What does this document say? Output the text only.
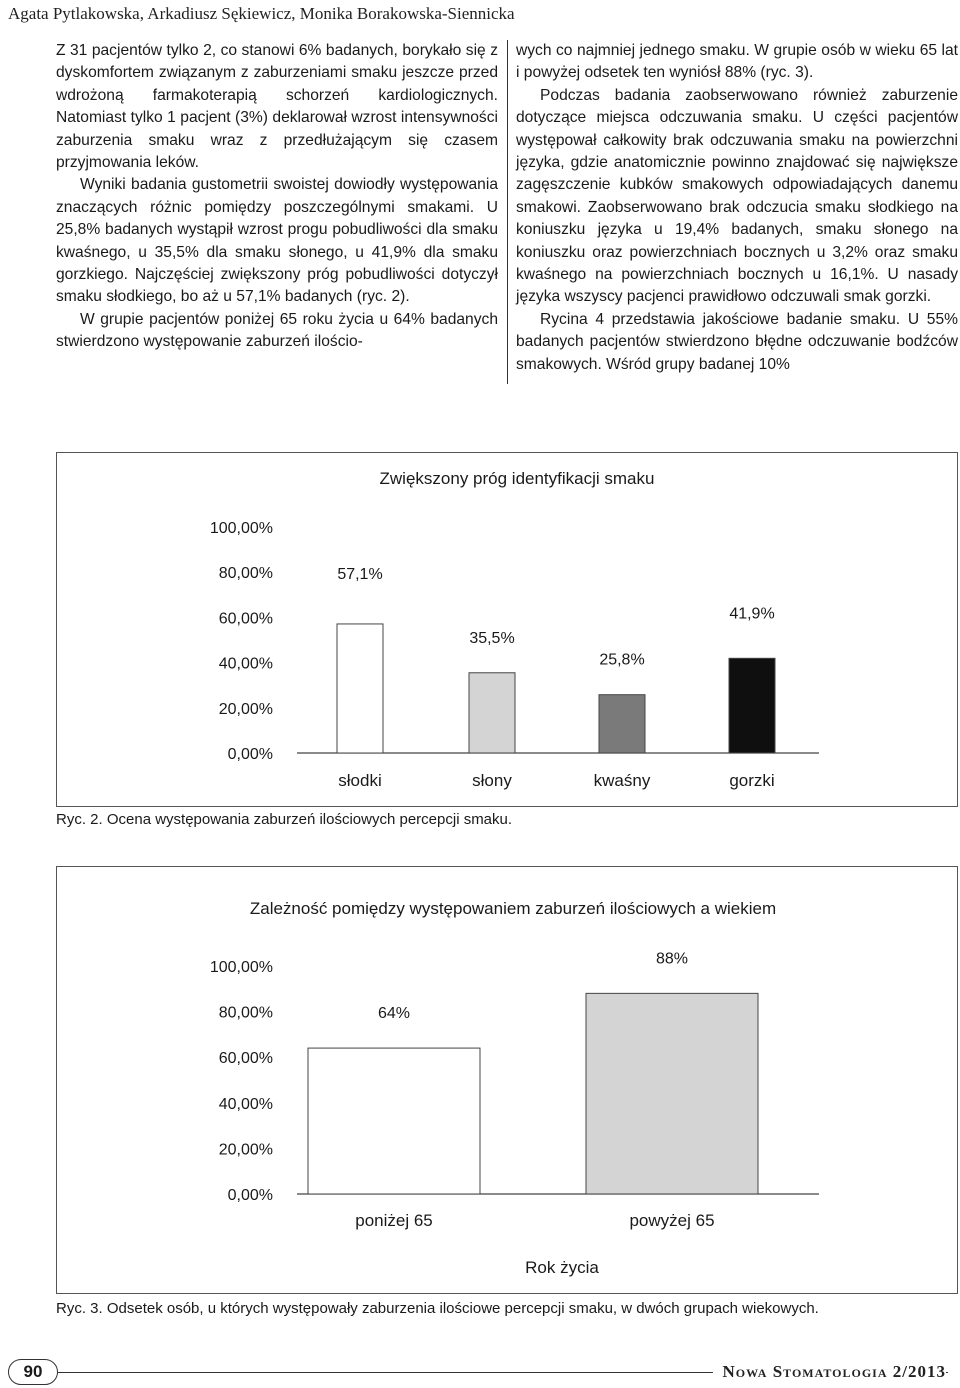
Agata Pytlakowska, Arkadiusz Sękiewicz, Monika Borakowska-Siennicka

Z 31 pacjentów tylko 2, co stanowi 6% badanych, borykało się z dyskomfortem związanym z zaburzeniami smaku jeszcze przed wdrożoną farmakoterapią schorzeń kardiologicznych. Natomiast tylko 1 pacjent (3%) deklarował wzrost intensywności zaburzenia smaku wraz z przedłużającym się czasem przyjmowania leków.

Wyniki badania gustometrii swoistej dowiodły występowania znaczących różnic pomiędzy poszczególnymi smakami. U 25,8% badanych wystąpił wzrost progu pobudliwości dla smaku kwaśnego, u 35,5% dla smaku słonego, u 41,9% dla smaku gorzkiego. Najczęściej zwiększony próg pobudliwości dotyczył smaku słodkiego, bo aż u 57,1% badanych (ryc. 2).

W grupie pacjentów poniżej 65 roku życia u 64% badanych stwierdzono występowanie zaburzeń ilościo-

wych co najmniej jednego smaku. W grupie osób w wieku 65 lat i powyżej odsetek ten wyniósł 88% (ryc. 3).

Podczas badania zaobserwowano również zaburzenie dotyczące miejsca odczuwania smaku. U części pacjentów występował całkowity brak odczuwania smaku na powierzchni języka, gdzie anatomicznie powinno znajdować się największe zagęszczenie kubków smakowych odpowiadających danemu smakowi. Zaobserwowano brak odczucia smaku słodkiego na koniuszku języka u 19,4% badanych, smaku słonego na koniuszku oraz powierzchniach bocznych u 3,2% oraz smaku kwaśnego na powierzchniach bocznych u 16,1%. U nasady języka wszyscy pacjenci prawidłowo odczuwali smak gorzki.

Rycina 4 przedstawia jakościowe badanie smaku. U 55% badanych pacjentów stwierdzono błędne odczuwanie bodźców smakowych. Wśród grupy badanej 10%

Zwiększony próg identyfikacji smaku
0,00%
20,00%
40,00%
60,00%
80,00%
100,00%
57,1%
słodki
35,5%
słony
25,8%
kwaśny
41,9%
gorzki
Ryc. 2. Ocena występowania zaburzeń ilościowych percepcji smaku.
Zależność pomiędzy występowaniem zaburzeń ilościowych a wiekiem
0,00%
20,00%
40,00%
60,00%
80,00%
100,00%
64%
poniżej 65
88%
powyżej 65
Rok życia
Ryc. 3. Odsetek osób, u których występowały zaburzenia ilościowe percepcji smaku, w dwóch grupach wiekowych.
90	Nowa Stomatologia 2/2013
